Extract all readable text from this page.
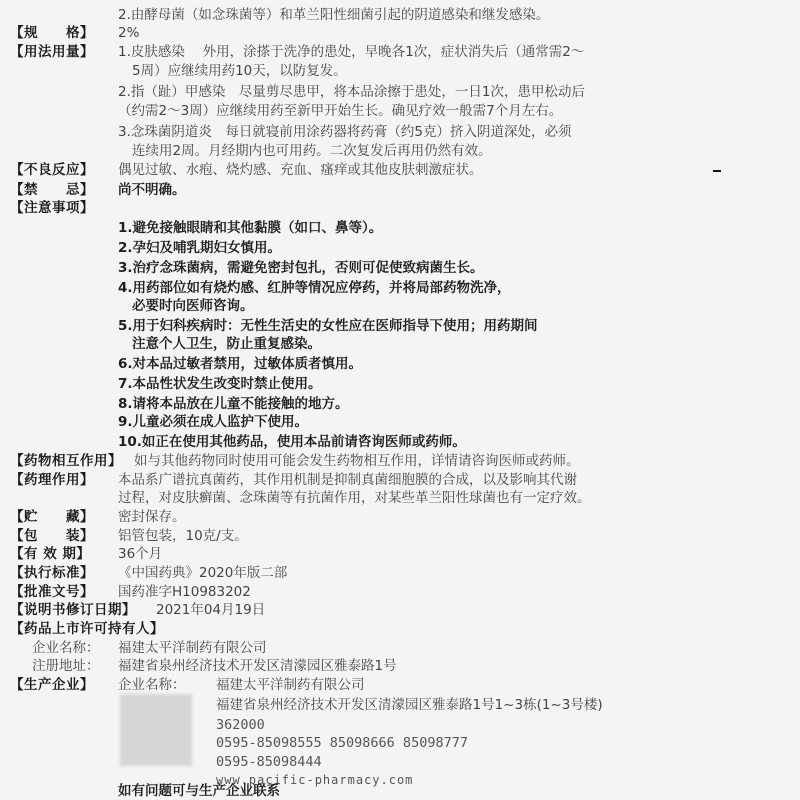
2.由酵母菌（如念珠菌等）和革兰阳性细菌引起的阴道感染和继发感染。
【规　　格】 2%
【用法用量】 1.皮肤感染　 外用，涂搽于洗净的患处，早晚各1次，症状消失后（通常需2～
5周）应继续用药10天，以防复发。
2.指（趾）甲感染　尽量剪尽患甲，将本品涂擦于患处，一日1次，患甲松动后
（约需2～3周）应继续用药至新甲开始生长。确见疗效一般需7个月左右。
3.念珠菌阴道炎　每日就寝前用涂药器将药膏（约5克）挤入阴道深处，必须
连续用2周。月经期内也可用药。二次复发后再用仍然有效。
【不良反应】 偶见过敏、水疱、烧灼感、充血、瘙痒或其他皮肤刺激症状。
【禁　　忌】 尚不明确。
【注意事项】
1.避免接触眼睛和其他黏膜（如口、鼻等）。
2.孕妇及哺乳期妇女慎用。
3.治疗念珠菌病，需避免密封包扎，否则可促使致病菌生长。
4.用药部位如有烧灼感、红肿等情况应停药，并将局部药物洗净，
必要时向医师咨询。
5.用于妇科疾病时：无性生活史的女性应在医师指导下使用；用药期间
注意个人卫生，防止重复感染。
6.对本品过敏者禁用，过敏体质者慎用。
7.本品性状发生改变时禁止使用。
8.请将本品放在儿童不能接触的地方。
9.儿童必须在成人监护下使用。
10.如正在使用其他药品，使用本品前请咨询医师或药师。
【药物相互作用】 如与其他药物同时使用可能会发生药物相互作用，详情请咨询医师或药师。
【药理作用】 本品系广谱抗真菌药，其作用机制是抑制真菌细胞膜的合成，以及影响其代谢
过程，对皮肤癣菌、念珠菌等有抗菌作用，对某些革兰阳性球菌也有一定疗效。
【贮　　藏】 密封保存。
【包　　装】 铝管包装，10克/支。
【有 效 期】 36个月
【执行标准】 《中国药典》2020年版二部
【批准文号】 国药准字H10983202
【说明书修订日期】 2021年04月19日
【药品上市许可持有人】
企业名称： 福建太平洋制药有限公司
注册地址： 福建省泉州经济技术开发区清濛园区雅泰路1号
【生产企业】 企业名称： 福建太平洋制药有限公司
福建省泉州经济技术开发区清濛园区雅泰路1号1~3栋(1~3号楼)
362000
0595-85098555 85098666 85098777
0595-85098444
www.pacific-pharmacy.com
如有问题可与生产企业联系
